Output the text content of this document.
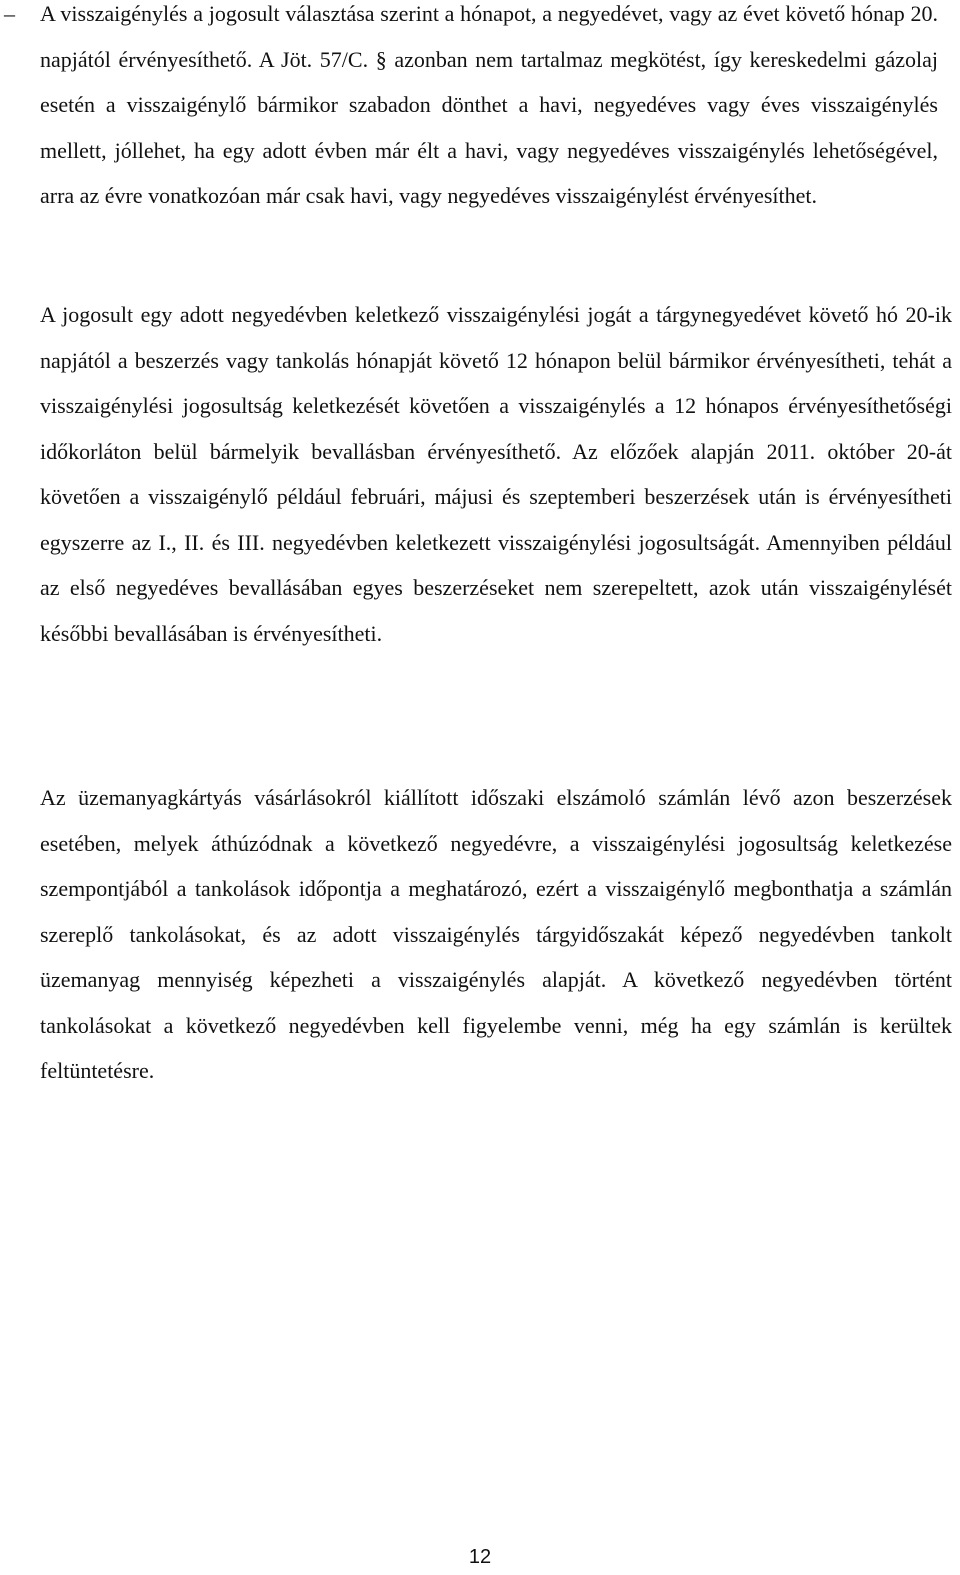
– A visszaigénylés a jogosult választása szerint a hónapot, a negyedévet, vagy az évet követő hónap 20. napjától érvényesíthető. A Jöt. 57/C. § azonban nem tartalmaz megkötést, így kereskedelmi gázolaj esetén a visszaigénylő bármikor szabadon dönthet a havi, negyedéves vagy éves visszaigénylés mellett, jóllehet, ha egy adott évben már élt a havi, vagy negyedéves visszaigénylés lehetőségével, arra az évre vonatkozóan már csak havi, vagy negyedéves visszaigénylést érvényesíthet.

A jogosult egy adott negyedévben keletkező visszaigénylési jogát a tárgynegyedévet követő hó 20-ik napjától a beszerzés vagy tankolás hónapját követő 12 hónapon belül bármikor érvényesítheti, tehát a visszaigénylési jogosultság keletkezését követően a visszaigénylés a 12 hónapos érvényesíthetőségi időkorláton belül bármelyik bevallásban érvényesíthető. Az előzőek alapján 2011. október 20-át követően a visszaigénylő például februári, májusi és szeptemberi beszerzések után is érvényesítheti egyszerre az I., II. és III. negyedévben keletkezett visszaigénylési jogosultságát. Amennyiben például az első negyedéves bevallásában egyes beszerzéseket nem szerepeltett, azok után visszaigénylését későbbi bevallásában is érvényesítheti.

Az üzemanyagkártyás vásárlásokról kiállított időszaki elszámoló számlán lévő azon beszerzések esetében, melyek áthúzódnak a következő negyedévre, a visszaigénylési jogosultság keletkezése szempontjából a tankolások időpontja a meghatározó, ezért a visszaigénylő megbonthatja a számlán szereplő tankolásokat, és az adott visszaigénylés tárgyidőszakát képező negyedévben tankolt üzemanyag mennyiség képezheti a visszaigénylés alapját. A következő negyedévben történt tankolásokat a következő negyedévben kell figyelembe venni, még ha egy számlán is kerültek feltüntetésre.

12
